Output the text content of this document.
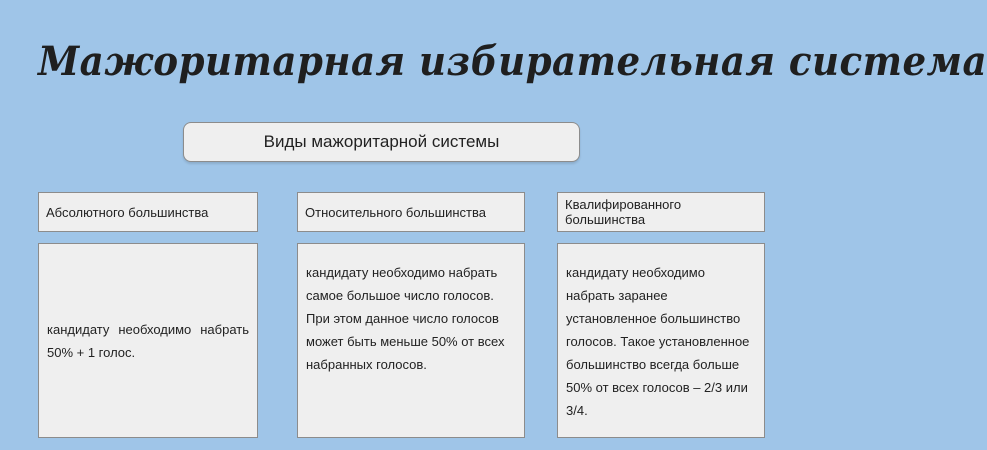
Мажоритарная избирательная система
Виды мажоритарной системы
Абсолютного большинства	Относительного большинства	Квалифированного большинства
кандидату необходимо набрать 50% + 1 голос.
кандидату необходимо набрать самое большое число голосов. При этом данное число голосов может быть меньше 50% от всех набранных голосов.
кандидату необходимо набрать заранее установленное большинство голосов. Такое установленное большинство всегда больше 50% от всех голосов – 2/3 или 3/4.
